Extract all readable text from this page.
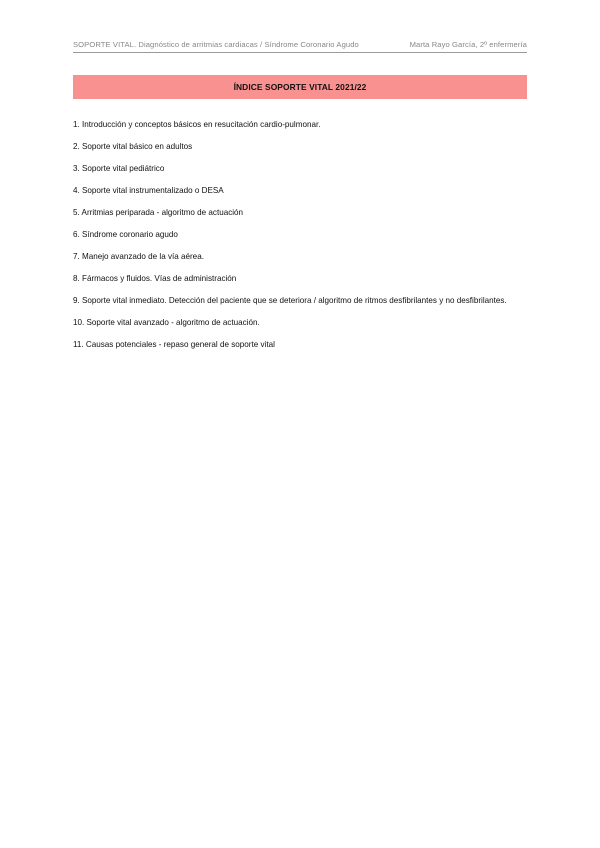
SOPORTE VITAL. Diagnóstico de arritmias cardiacas / Síndrome Coronario Agudo	Marta Rayo García, 2º enfermería
ÍNDICE SOPORTE VITAL 2021/22
1. Introducción y conceptos básicos en resucitación cardio-pulmonar.
2. Soporte vital básico en adultos
3. Soporte vital pediátrico
4. Soporte vital instrumentalizado o DESA
5. Arritmias periparada - algoritmo de actuación
6. Síndrome coronario agudo
7. Manejo avanzado de la vía aérea.
8. Fármacos y fluidos. Vías de administración
9. Soporte vital inmediato. Detección del paciente que se deteriora / algoritmo de ritmos desfibrilantes y no desfibrilantes.
10. Soporte vital avanzado - algoritmo de actuación.
11. Causas potenciales - repaso general de soporte vital
